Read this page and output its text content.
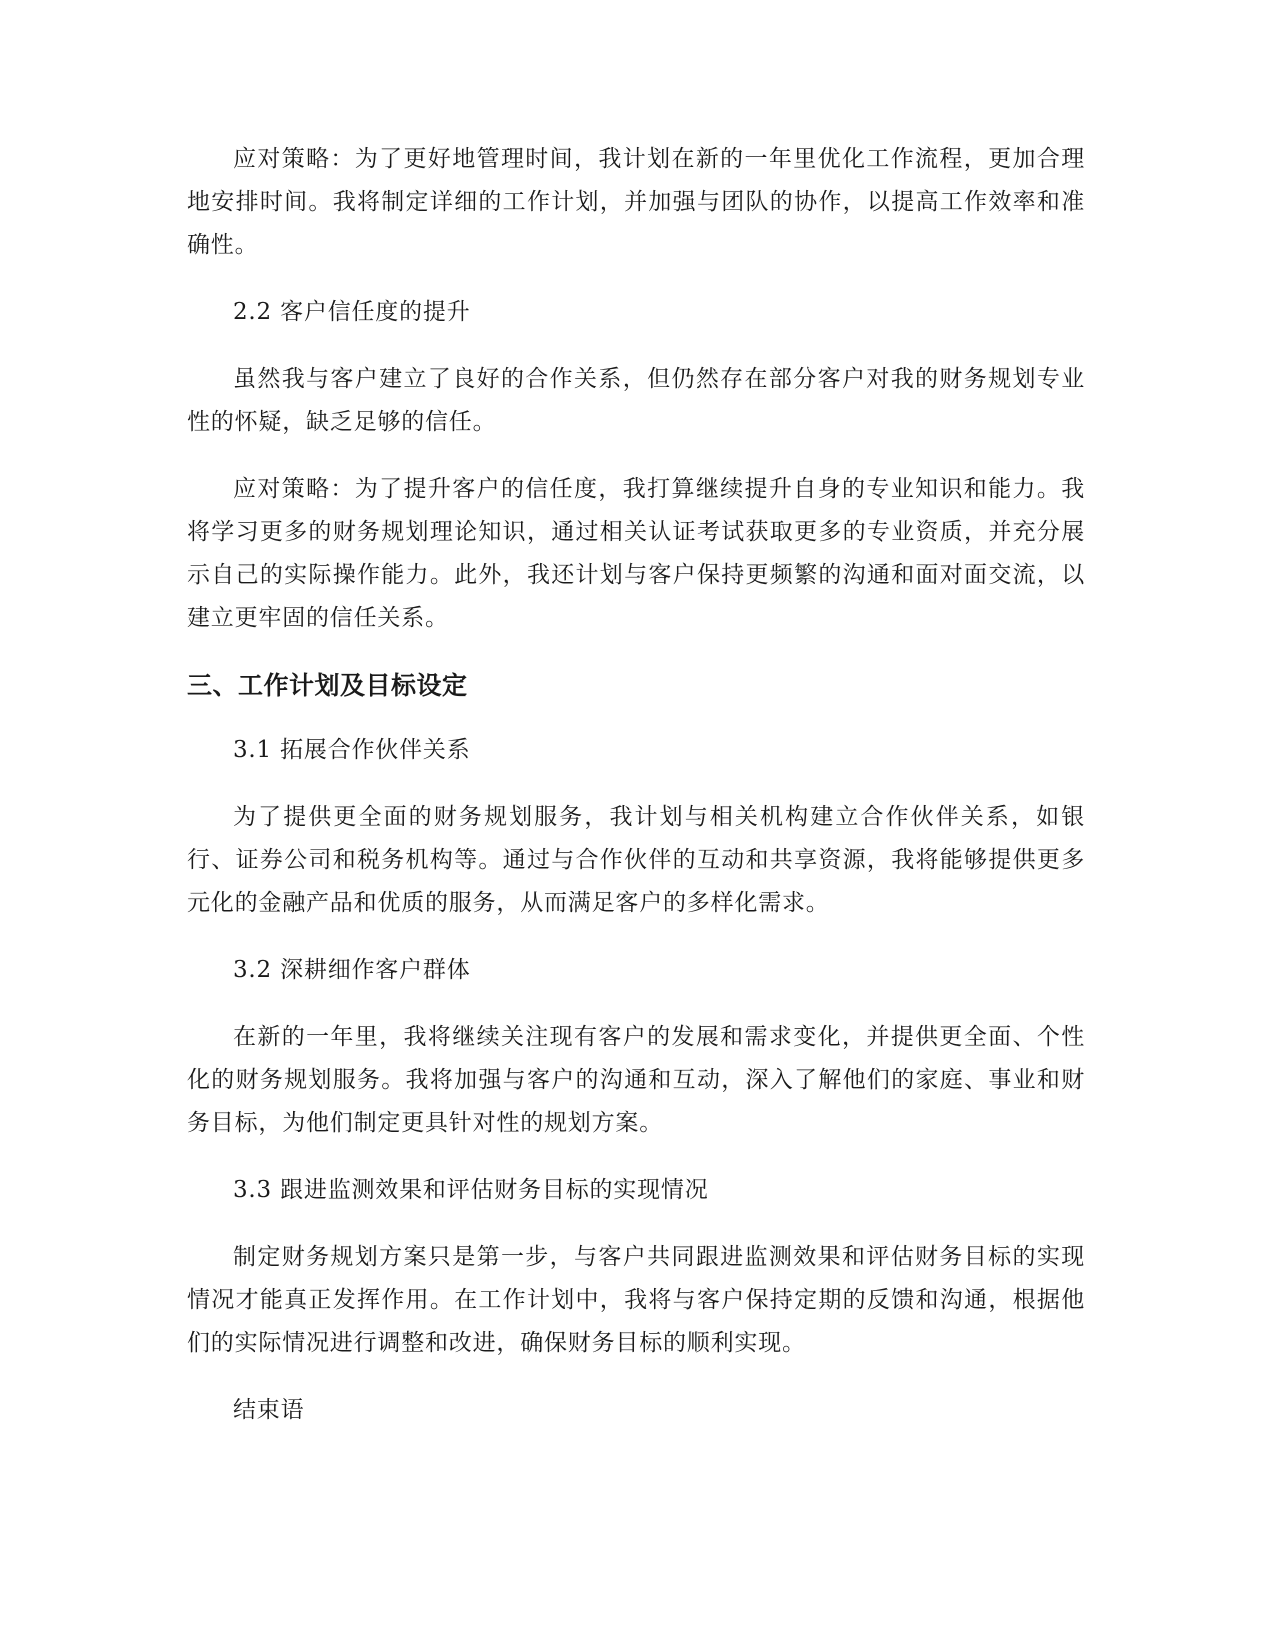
应对策略：为了更好地管理时间，我计划在新的一年里优化工作流程，更加合理地安排时间。我将制定详细的工作计划，并加强与团队的协作，以提高工作效率和准确性。

2.2 客户信任度的提升

虽然我与客户建立了良好的合作关系，但仍然存在部分客户对我的财务规划专业性的怀疑，缺乏足够的信任。

应对策略：为了提升客户的信任度，我打算继续提升自身的专业知识和能力。我将学习更多的财务规划理论知识，通过相关认证考试获取更多的专业资质，并充分展示自己的实际操作能力。此外，我还计划与客户保持更频繁的沟通和面对面交流，以建立更牢固的信任关系。

三、工作计划及目标设定

3.1 拓展合作伙伴关系

为了提供更全面的财务规划服务，我计划与相关机构建立合作伙伴关系，如银行、证券公司和税务机构等。通过与合作伙伴的互动和共享资源，我将能够提供更多元化的金融产品和优质的服务，从而满足客户的多样化需求。

3.2 深耕细作客户群体

在新的一年里，我将继续关注现有客户的发展和需求变化，并提供更全面、个性化的财务规划服务。我将加强与客户的沟通和互动，深入了解他们的家庭、事业和财务目标，为他们制定更具针对性的规划方案。

3.3 跟进监测效果和评估财务目标的实现情况

制定财务规划方案只是第一步，与客户共同跟进监测效果和评估财务目标的实现情况才能真正发挥作用。在工作计划中，我将与客户保持定期的反馈和沟通，根据他们的实际情况进行调整和改进，确保财务目标的顺利实现。

结束语
